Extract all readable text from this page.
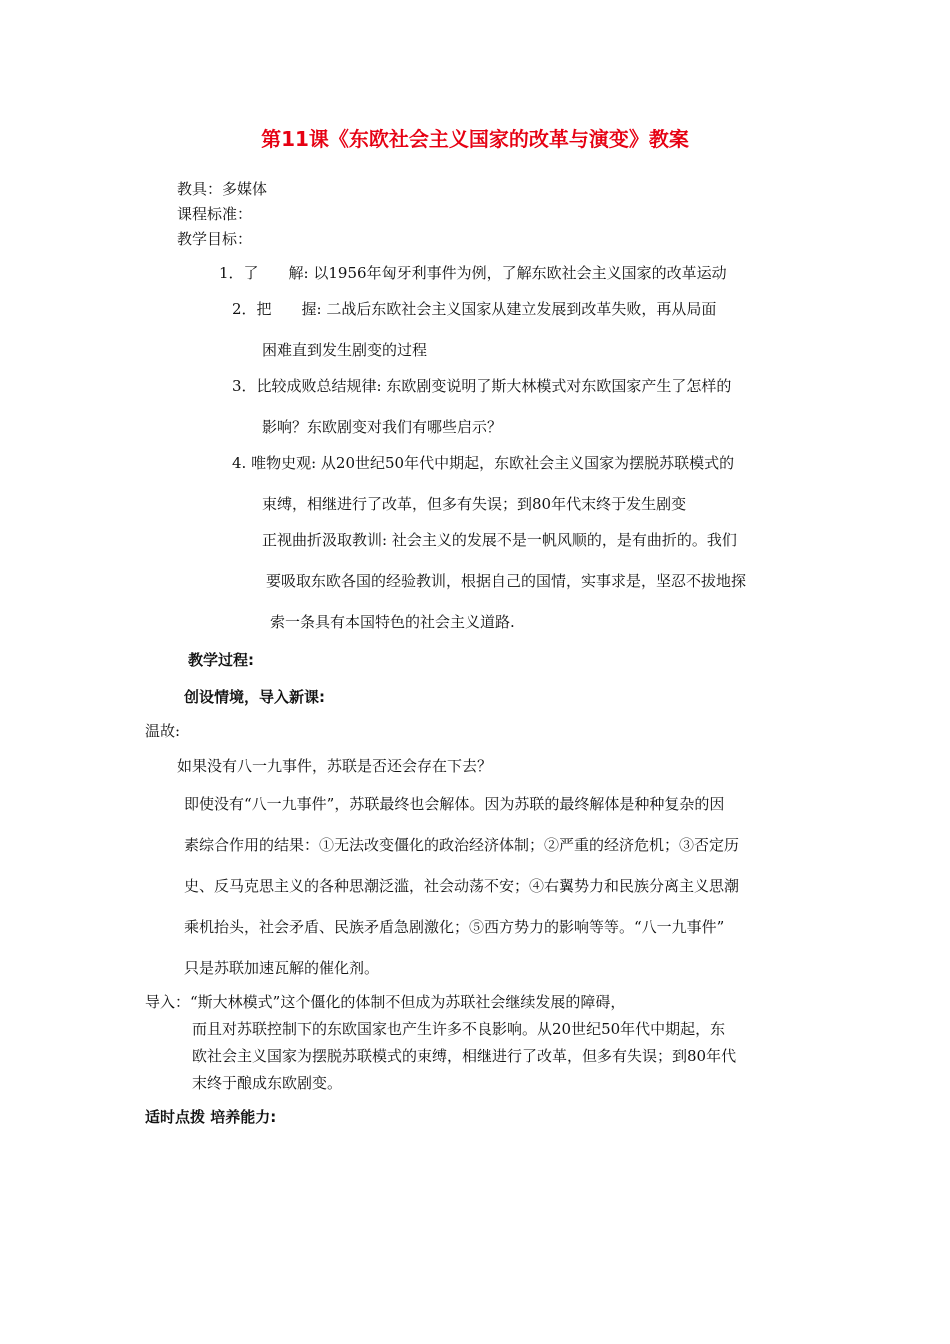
第11课《东欧社会主义国家的改革与演变》教案
教具：多媒体
课程标准：
教学目标：
1．了　　解: 以1956年匈牙利事件为例，了解东欧社会主义国家的改革运动
2．把　　握: 二战后东欧社会主义国家从建立发展到改革失败，再从局面
困难直到发生剧变的过程
3．比较成败总结规律: 东欧剧变说明了斯大林模式对东欧国家产生了怎样的
影响？东欧剧变对我们有哪些启示？
4. 唯物史观: 从20世纪50年代中期起，东欧社会主义国家为摆脱苏联模式的
束缚，相继进行了改革，但多有失误；到80年代末终于发生剧变
正视曲折汲取教训: 社会主义的发展不是一帆风顺的，是有曲折的。我们
要吸取东欧各国的经验教训，根据自己的国情，实事求是，坚忍不拔地探
索一条具有本国特色的社会主义道路.
教学过程:
创设情境，导入新课:
温故:
如果没有八一九事件，苏联是否还会存在下去？
即使没有“八一九事件”，苏联最终也会解体。因为苏联的最终解体是种种复杂的因
素综合作用的结果：①无法改变僵化的政治经济体制；②严重的经济危机；③否定历
史、反马克思主义的各种思潮泛滥，社会动荡不安；④右翼势力和民族分离主义思潮
乘机抬头，社会矛盾、民族矛盾急剧激化；⑤西方势力的影响等等。“八一九事件”
只是苏联加速瓦解的催化剂。
导入：“斯大林模式”这个僵化的体制不但成为苏联社会继续发展的障碍，
而且对苏联控制下的东欧国家也产生许多不良影响。从20世纪50年代中期起，东
欧社会主义国家为摆脱苏联模式的束缚，相继进行了改革，但多有失误；到80年代
末终于酿成东欧剧变。
适时点拨 培养能力:
